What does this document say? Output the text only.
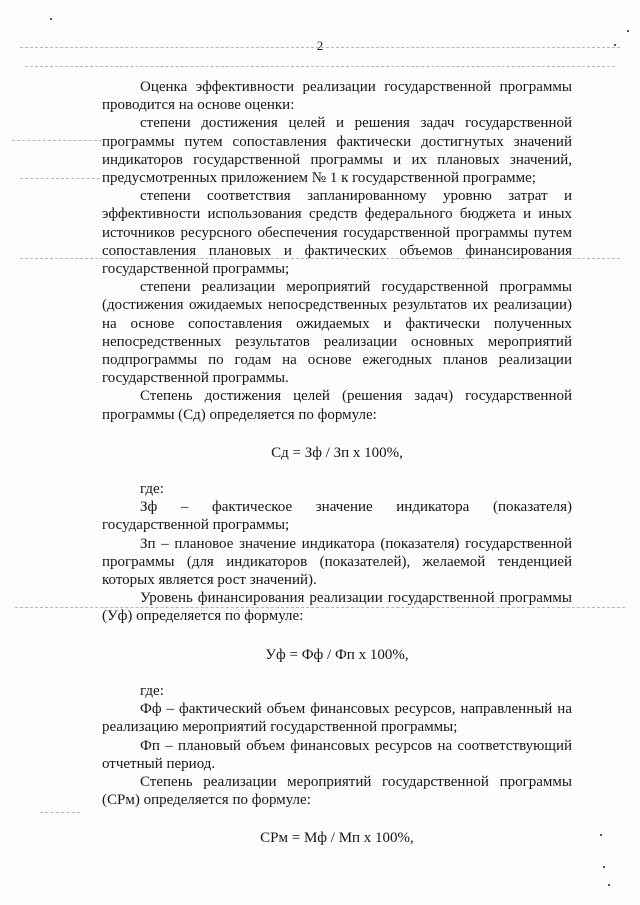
2

Оценка эффективности реализации государственной программы проводится на основе оценки:

степени достижения целей и решения задач государственной программы путем сопоставления фактически достигнутых значений индикаторов государственной программы и их плановых значений, предусмотренных приложением № 1 к государственной программе;

степени соответствия запланированному уровню затрат и эффективности использования средств федерального бюджета и иных источников ресурсного обеспечения государственной программы путем сопоставления плановых и фактических объемов финансирования государственной программы;

степени реализации мероприятий государственной программы (достижения ожидаемых непосредственных результатов их реализации) на основе сопоставления ожидаемых и фактически полученных непосредственных результатов реализации основных мероприятий подпрограммы по годам на основе ежегодных планов реализации государственной программы.

Степень достижения целей (решения задач) государственной программы (Сд) определяется по формуле:

Сд = Зф / Зп х 100%,

где:

Зф – фактическое значение индикатора (показателя) государственной программы;

Зп – плановое значение индикатора (показателя) государственной программы (для индикаторов (показателей), желаемой тенденцией которых является рост значений).

Уровень финансирования реализации государственной программы (Уф) определяется по формуле:

Уф = Фф / Фп х 100%,

где:

Фф – фактический объем финансовых ресурсов, направленный на реализацию мероприятий государственной программы;

Фп – плановый объем финансовых ресурсов на соответствующий отчетный период.

Степень реализации мероприятий государственной программы (СРм) определяется по формуле:

СРм = Мф / Мп х 100%,
